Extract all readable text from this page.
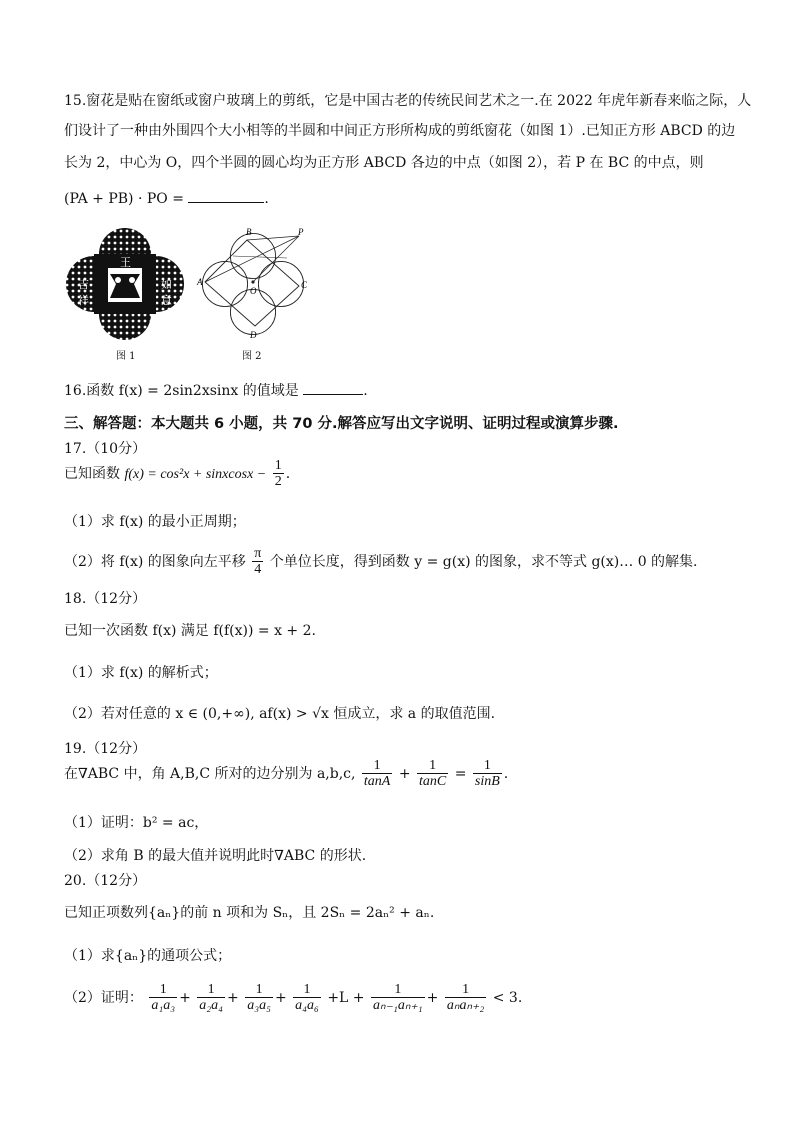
15.窗花是贴在窗纸或窗户玻璃上的剪纸，它是中国古老的传统民间艺术之一.在 2022 年虎年新春来临之际，人
们设计了一种由外围四个大小相等的半圆和中间正方形所构成的剪纸窗花（如图 1）.已知正方形 ABCD 的边
长为 2，中心为 O，四个半圆的圆心均为正方形 ABCD 各边的中点（如图 2），若 P 在 BC 的中点，则
(PA + PB) · PO =	.
吉	如
祥
王
意
图 1
A
B
C
D
O
P
图 2
16.函数 f(x) = 2sin2xsinx 的值域是	.
三、解答题：本大题共 6 小题，共 70 分.解答应写出文字说明、证明过程或演算步骤.
17.（10分）
已知函数 f(x) = cos²x + sinxcosx − $\frac{1}{2}$ .
（1）求 f(x) 的最小正周期；
（2）将 f(x) 的图象向左平移 $\frac{\pi}{4}$ 个单位长度，得到函数 y = g(x) 的图象，求不等式 g(x)… 0 的解集.
18.（12分）
已知一次函数 f(x) 满足 f(f(x)) = x + 2.
（1）求 f(x) 的解析式；
（2）若对任意的 x ∈ (0,+∞), af(x) > √x 恒成立，求 a 的取值范围.
19.（12分）
在∇ABC 中，角 A,B,C 所对的边分别为 a,b,c, $\frac{1}{\tan A} + \frac{1}{\tan C} = \frac{1}{\sin B}$ .
（1）证明：b² = ac，
（2）求角 B 的最大值并说明此时∇ABC 的形状.
20.（12分）
已知正项数列{aₙ}的前 n 项和为 Sₙ，且 2Sₙ = 2aₙ² + aₙ.
（1）求{aₙ}的通项公式；
（2）证明： $\frac{1}{\text{a₁a₃}} + \frac{1}{\text{a₂a₄}} + \frac{1}{\text{a₃a₅}} + \frac{1}{\text{a₄a₆}} +L + \frac{1}{\text{aₙ₋₁aₙ₊₁}} + \frac{1}{\text{aₙaₙ₊₂}} < 3$.
